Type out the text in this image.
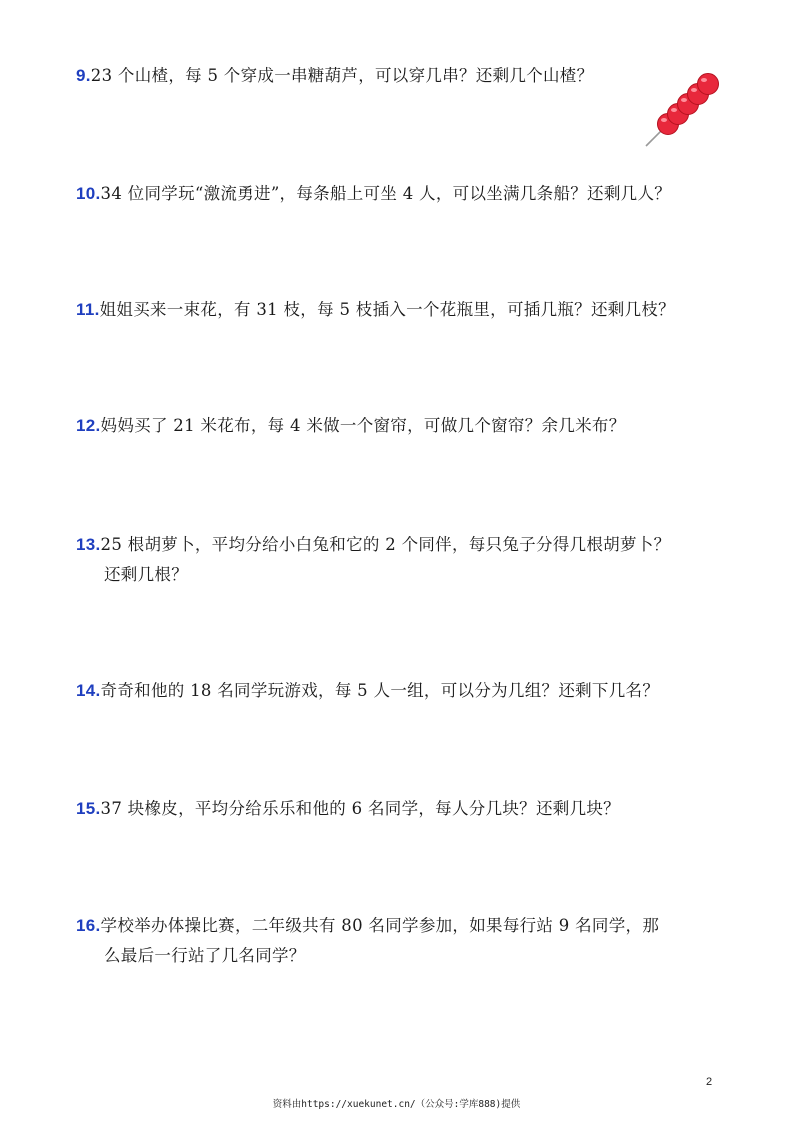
9.23 个山楂，每 5 个穿成一串糖葫芦，可以穿几串？还剩几个山楂？
10.34 位同学玩“激流勇进”，每条船上可坐 4 人，可以坐满几条船？还剩几人？
11.姐姐买来一束花，有 31 枝，每 5 枝插入一个花瓶里，可插几瓶？还剩几枝？
12.妈妈买了 21 米花布，每 4 米做一个窗帘，可做几个窗帘？余几米布？
13.25 根胡萝卜，平均分给小白兔和它的 2 个同伴，每只兔子分得几根胡萝卜？
还剩几根？
14.奇奇和他的 18 名同学玩游戏，每 5 人一组，可以分为几组？还剩下几名？
15.37 块橡皮，平均分给乐乐和他的 6 名同学，每人分几块？还剩几块？
16.学校举办体操比赛，二年级共有 80 名同学参加，如果每行站 9 名同学，那
么最后一行站了几名同学？
2
资料由https://xuekunet.cn/（公众号:学库888)提供
